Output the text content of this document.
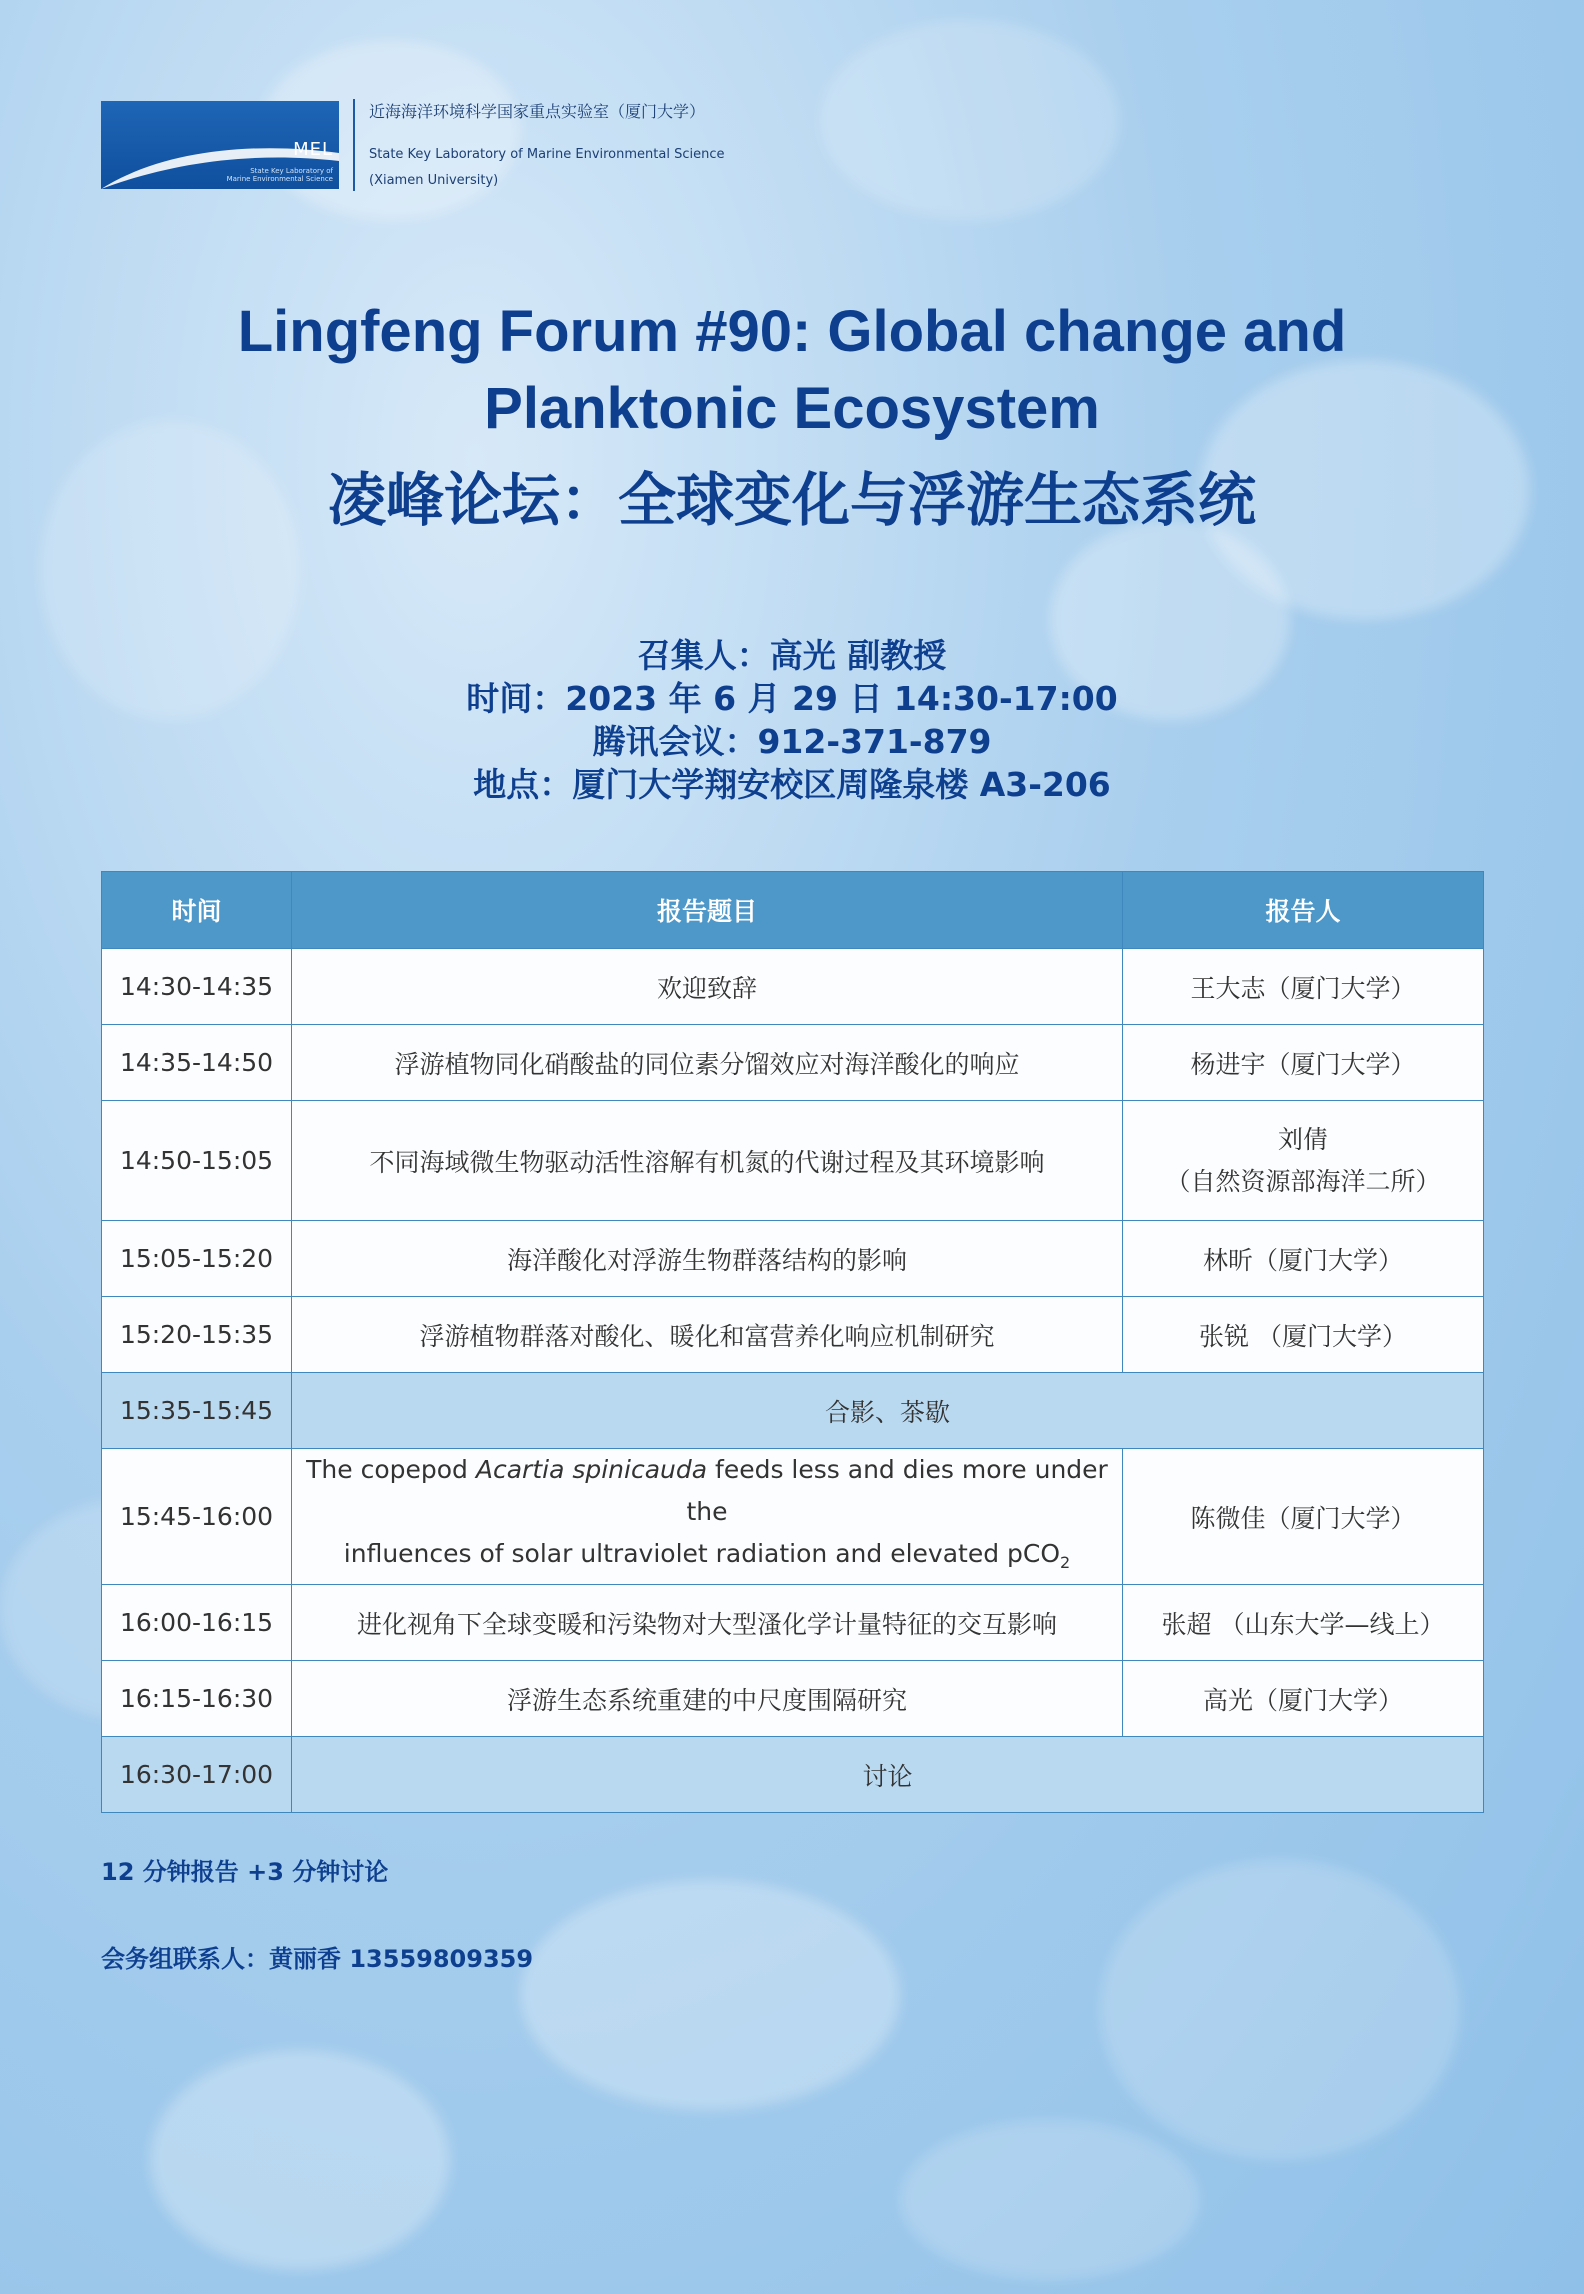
MEL
State Key Laboratory of
Marine Environmental Science
近海海洋环境科学国家重点实验室（厦门大学）
State Key Laboratory of Marine Environmental Science
(Xiamen University)
Lingfeng Forum #90: Global change and
Planktonic Ecosystem
凌峰论坛：全球变化与浮游生态系统
召集人：高光 副教授
时间：2023 年 6 月 29 日 14:30-17:00
腾讯会议：912-371-879
地点：厦门大学翔安校区周隆泉楼 A3-206
时间	报告题目	报告人
14:30-14:35	欢迎致辞	王大志（厦门大学）
14:35-14:50	浮游植物同化硝酸盐的同位素分馏效应对海洋酸化的响应	杨进宇（厦门大学）
14:50-15:05	不同海域微生物驱动活性溶解有机氮的代谢过程及其环境影响	刘倩
（自然资源部海洋二所）

15:05-15:20	海洋酸化对浮游生物群落结构的影响	林昕（厦门大学）
15:20-15:35	浮游植物群落对酸化、暖化和富营养化响应机制研究	张锐 （厦门大学）
15:35-15:45	合影、茶歇	
15:45-16:00	The copepod Acartia spinicauda feeds less and dies more under the
influences of solar ultraviolet radiation and elevated pCO$_2$	陈微佳（厦门大学）
16:00-16:15	进化视角下全球变暖和污染物对大型溞化学计量特征的交互影响	张超 （山东大学—线上）
16:15-16:30	浮游生态系统重建的中尺度围隔研究	高光（厦门大学）
16:30-17:00	讨论	
12 分钟报告 +3 分钟讨论
会务组联系人：黄丽香 13559809359
